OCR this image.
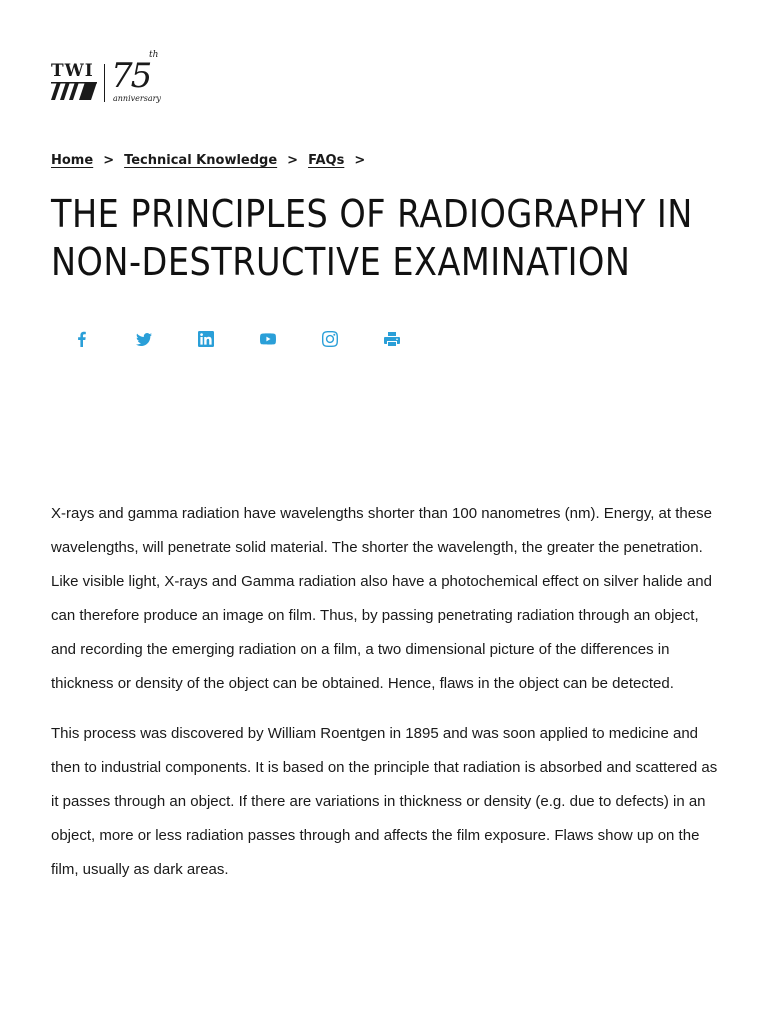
TWI 75
th
anniversary
Home > Technical Knowledge > FAQs >
THE PRINCIPLES OF RADIOGRAPHY IN NON-DESTRUCTIVE EXAMINATION

X-rays and gamma radiation have wavelengths shorter than 100 nanometres (nm). Energy, at these wavelengths, will penetrate solid material. The shorter the wavelength, the greater the penetration. Like visible light, X-rays and Gamma radiation also have a photochemical effect on silver halide and can therefore produce an image on film. Thus, by passing penetrating radiation through an object, and recording the emerging radiation on a film, a two dimensional picture of the differences in thickness or density of the object can be obtained. Hence, flaws in the object can be detected.

This process was discovered by William Roentgen in 1895 and was soon applied to medicine and then to industrial components. It is based on the principle that radiation is absorbed and scattered as it passes through an object. If there are variations in thickness or density (e.g. due to defects) in an object, more or less radiation passes through and affects the film exposure. Flaws show up on the film, usually as dark areas.
